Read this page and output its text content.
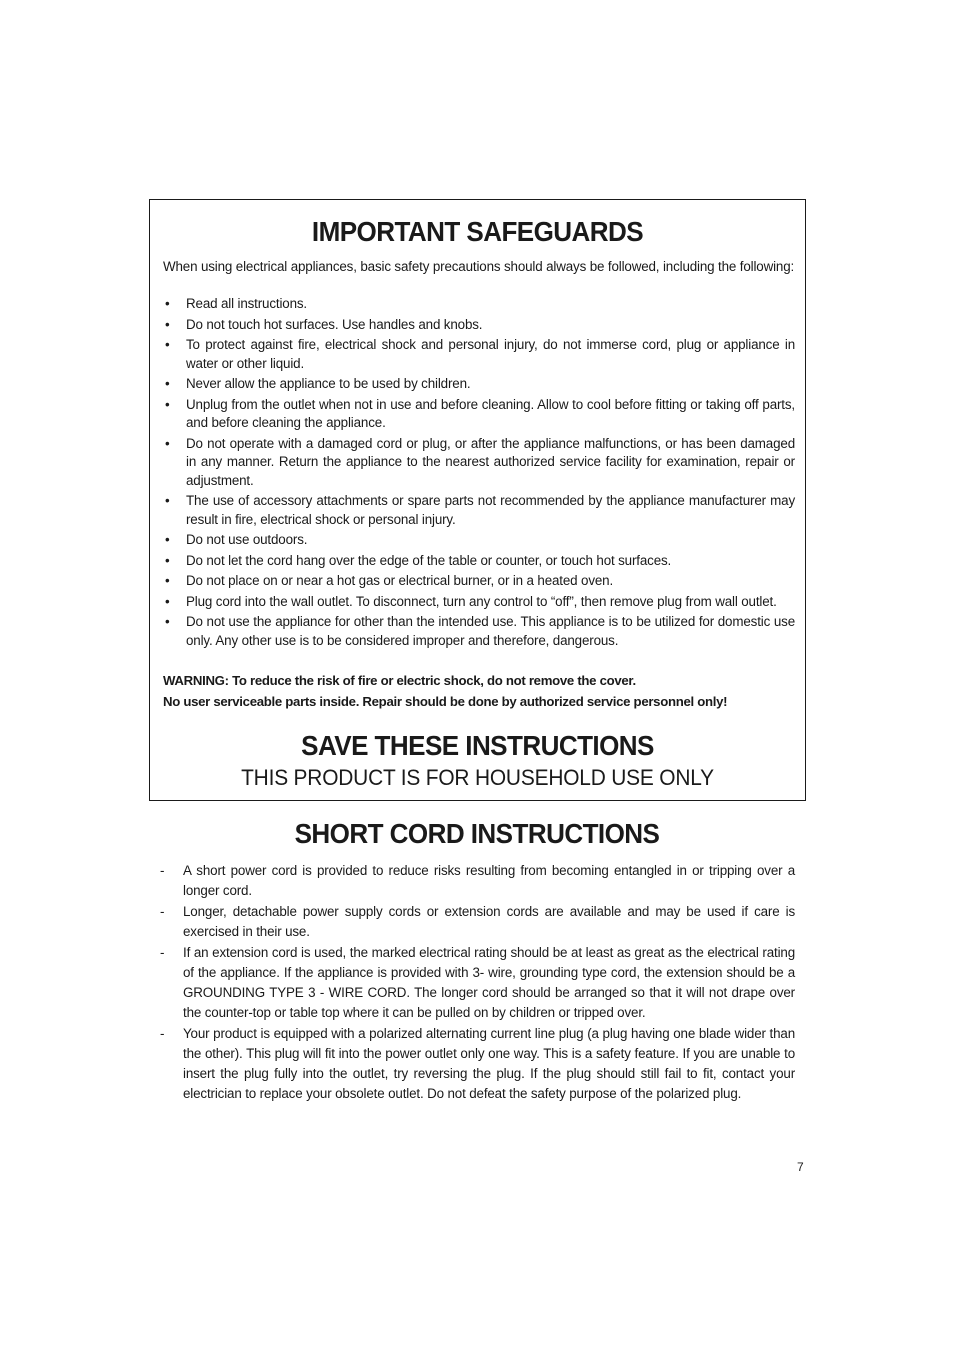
IMPORTANT SAFEGUARDS

When using electrical appliances, basic safety precautions should always be followed, including the following:

• Read all instructions.
• Do not touch hot surfaces. Use handles and knobs.
• To protect against fire, electrical shock and personal injury, do not immerse cord, plug or appliance in water or other liquid.
• Never allow the appliance to be used by children.
• Unplug from the outlet when not in use and before cleaning. Allow to cool before fitting or taking off parts, and before cleaning the appliance.
• Do not operate with a damaged cord or plug, or after the appliance malfunctions, or has been damaged in any manner. Return the appliance to the nearest authorized service facility for examination, repair or adjustment.
• The use of accessory attachments or spare parts not recommended by the appliance manufacturer may result in fire, electrical shock or personal injury.
• Do not use outdoors.
• Do not let the cord hang over the edge of the table or counter, or touch hot surfaces.
• Do not place on or near a hot gas or electrical burner, or in a heated oven.
• Plug cord into the wall outlet. To disconnect, turn any control to “off”, then remove plug from wall outlet.
• Do not use the appliance for other than the intended use. This appliance is to be utilized for domestic use only. Any other use is to be considered improper and therefore, dangerous.
WARNING: To reduce the risk of fire or electric shock, do not remove the cover.
No user serviceable parts inside. Repair should be done by authorized service personnel only!
SAVE THESE INSTRUCTIONS
THIS PRODUCT IS FOR HOUSEHOLD USE ONLY
SHORT CORD INSTRUCTIONS
- A short power cord is provided to reduce risks resulting from becoming entangled in or tripping over a longer cord.
- Longer, detachable power supply cords or extension cords are available and may be used if care is exercised in their use.
- If an extension cord is used, the marked electrical rating should be at least as great as the electrical rating of the appliance. If the appliance is provided with 3- wire, grounding type cord, the extension should be a GROUNDING TYPE 3 - WIRE CORD. The longer cord should be arranged so that it will not drape over the counter-top or table top where it can be pulled on by children or tripped over.
- Your product is equipped with a polarized alternating current line plug (a plug having one blade wider than the other). This plug will fit into the power outlet only one way. This is a safety feature. If you are unable to insert the plug fully into the outlet, try reversing the plug. If the plug should still fail to fit, contact your electrician to replace your obsolete outlet. Do not defeat the safety purpose of the polarized plug.
7
